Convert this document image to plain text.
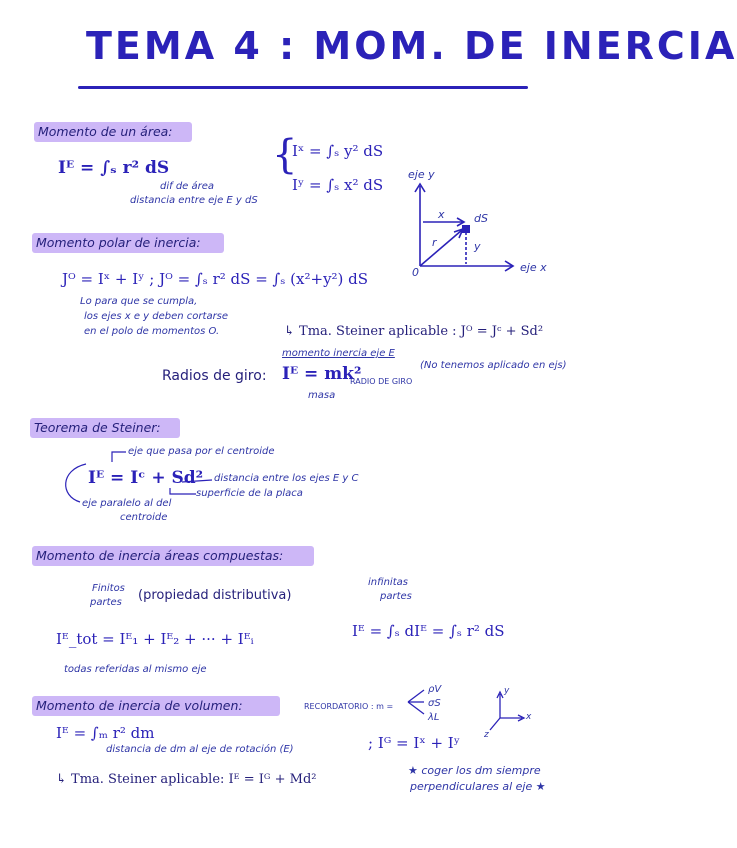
TEMA 4 : MOM. DE INERCIA
Momento de un área:
Iᴱ = ∫ₛ r² dS
dif de área
distancia entre eje E y dS
{
Iˣ = ∫ₛ y² dS
Iʸ = ∫ₛ x² dS
eje y
eje x
0
x
y
r
dS
Momento polar de inercia:
Jᴼ = Iˣ + Iʸ ; Jᴼ = ∫ₛ r² dS = ∫ₛ (x²+y²) dS
Lo para que se cumpla,
los ejes x e y deben cortarse
en el polo de momentos O.	↳ Tma. Steiner aplicable : Jᴼ = Jᶜ + Sd²
momento inercia eje E
(No tenemos aplicado en ejs)
Radios de giro: Iᴱ = mk²
RADIO DE GIRO
masa
Teorema de Steiner:
eje que pasa por el centroide
Iᴱ = Iᶜ + Sd² distancia entre los ejes E y C
superficie de la placa
eje paralelo al del
centroide
Momento de inercia áreas compuestas:
Finitos
partes (propiedad distributiva)
infinitas
partes
Iᴱ_tot = Iᴱ₁ + Iᴱ₂ + ··· + Iᴱᵢ	Iᴱ = ∫ₛ dIᴱ = ∫ₛ r² dS
todas referidas al mismo eje
Momento de inercia de volumen:	RECORDATORIO : m =
ρV
σS
λL
y
x
z
Iᴱ = ∫ₘ r² dm
distancia de dm al eje de rotación (E)	; Iᴳ = Iˣ + Iʸ
↳ Tma. Steiner aplicable: Iᴱ = Iᴳ + Md²
★ coger los dm siempre
perpendiculares al eje ★
